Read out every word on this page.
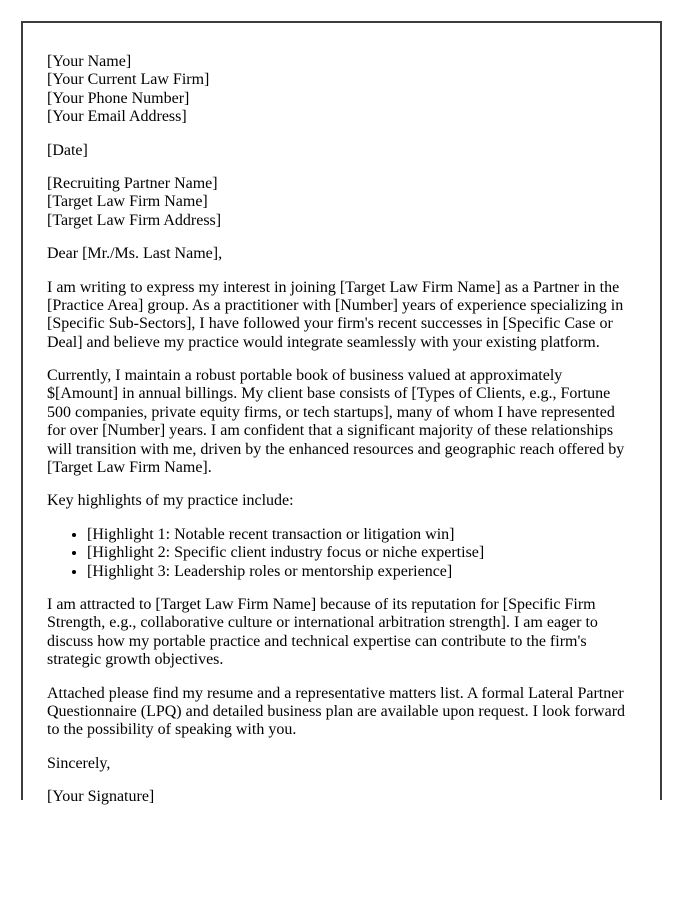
[Your Name]
[Your Current Law Firm]
[Your Phone Number]
[Your Email Address]
[Date]
[Recruiting Partner Name]
[Target Law Firm Name]
[Target Law Firm Address]

Dear [Mr./Ms. Last Name],

I am writing to express my interest in joining [Target Law Firm Name] as a Partner in the [Practice Area] group. As a practitioner with [Number] years of experience specializing in [Specific Sub-Sectors], I have followed your firm's recent successes in [Specific Case or Deal] and believe my practice would integrate seamlessly with your existing platform.

Currently, I maintain a robust portable book of business valued at approximately $[Amount] in annual billings. My client base consists of [Types of Clients, e.g., Fortune 500 companies, private equity firms, or tech startups], many of whom I have represented for over [Number] years. I am confident that a significant majority of these relationships will transition with me, driven by the enhanced resources and geographic reach offered by [Target Law Firm Name].

Key highlights of my practice include:

• [Highlight 1: Notable recent transaction or litigation win]
• [Highlight 2: Specific client industry focus or niche expertise]
• [Highlight 3: Leadership roles or mentorship experience]

I am attracted to [Target Law Firm Name] because of its reputation for [Specific Firm Strength, e.g., collaborative culture or international arbitration strength]. I am eager to discuss how my portable practice and technical expertise can contribute to the firm's strategic growth objectives.

Attached please find my resume and a representative matters list. A formal Lateral Partner Questionnaire (LPQ) and detailed business plan are available upon request. I look forward to the possibility of speaking with you.

Sincerely,

[Your Signature]
